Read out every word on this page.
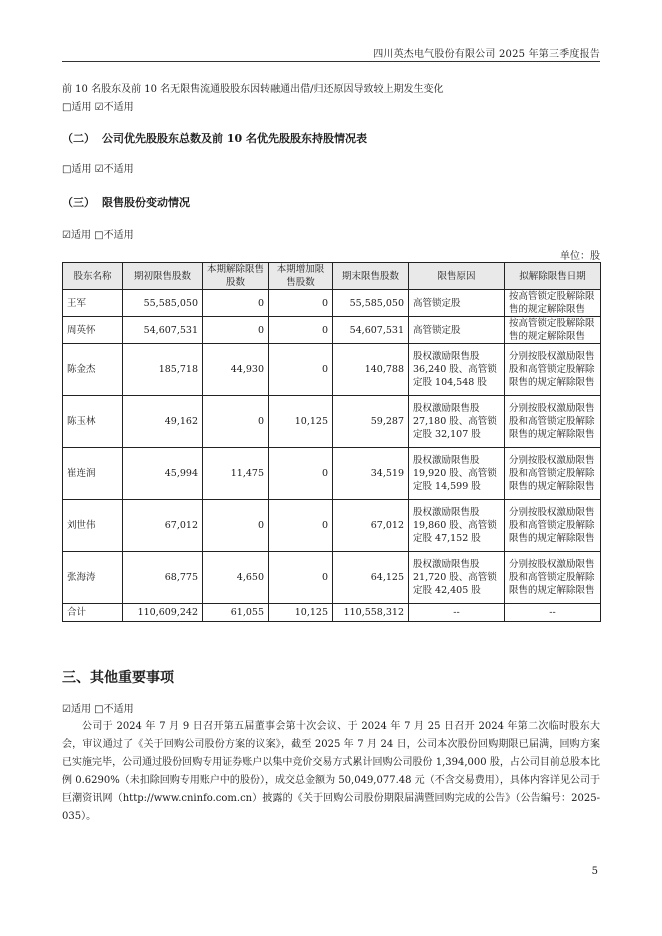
四川英杰电气股份有限公司 2025 年第三季度报告
前 10 名股东及前 10 名无限售流通股股东因转融通出借/归还原因导致较上期发生变化
□适用 ☑不适用
（二） 公司优先股股东总数及前 10 名优先股股东持股情况表
□适用 ☑不适用
（三） 限售股份变动情况
☑适用 □不适用
单位：股
股东名称	期初限售股数	本期解除限售股数	本期增加限售股数	期末限售股数	限售原因	拟解除限售日期
王军	55,585,050	0	0	55,585,050	高管锁定股	按高管锁定股解除限售的规定解除限售
周英怀	54,607,531	0	0	54,607,531	高管锁定股	按高管锁定股解除限售的规定解除限售
陈金杰	185,718	44,930	0	140,788	股权激励限售股 36,240 股、高管锁定股 104,548 股	分别按股权激励限售股和高管锁定股解除限售的规定解除限售
陈玉林	49,162	0	10,125	59,287	股权激励限售股 27,180 股、高管锁定股 32,107 股	分别按股权激励限售股和高管锁定股解除限售的规定解除限售
崔连润	45,994	11,475	0	34,519	股权激励限售股 19,920 股、高管锁定股 14,599 股	分别按股权激励限售股和高管锁定股解除限售的规定解除限售
刘世伟	67,012	0	0	67,012	股权激励限售股 19,860 股、高管锁定股 47,152 股	分别按股权激励限售股和高管锁定股解除限售的规定解除限售
张海涛	68,775	4,650	0	64,125	股权激励限售股 21,720 股、高管锁定股 42,405 股	分别按股权激励限售股和高管锁定股解除限售的规定解除限售
合计	110,609,242	61,055	10,125	110,558,312	--	--
三、其他重要事项
☑适用 □不适用

公司于 2024 年 7 月 9 日召开第五届董事会第十次会议、于 2024 年 7 月 25 日召开 2024 年第二次临时股东大会，审议通过了《关于回购公司股份方案的议案》，截至 2025 年 7 月 24 日，公司本次股份回购期限已届满，回购方案已实施完毕，公司通过股份回购专用证券账户以集中竞价交易方式累计回购公司股份 1,394,000 股，占公司目前总股本比例 0.6290%（未扣除回购专用账户中的股份），成交总金额为 50,049,077.48 元（不含交易费用），具体内容详见公司于巨潮资讯网（http://www.cninfo.com.cn）披露的《关于回购公司股份期限届满暨回购完成的公告》（公告编号：2025-035）。

5
